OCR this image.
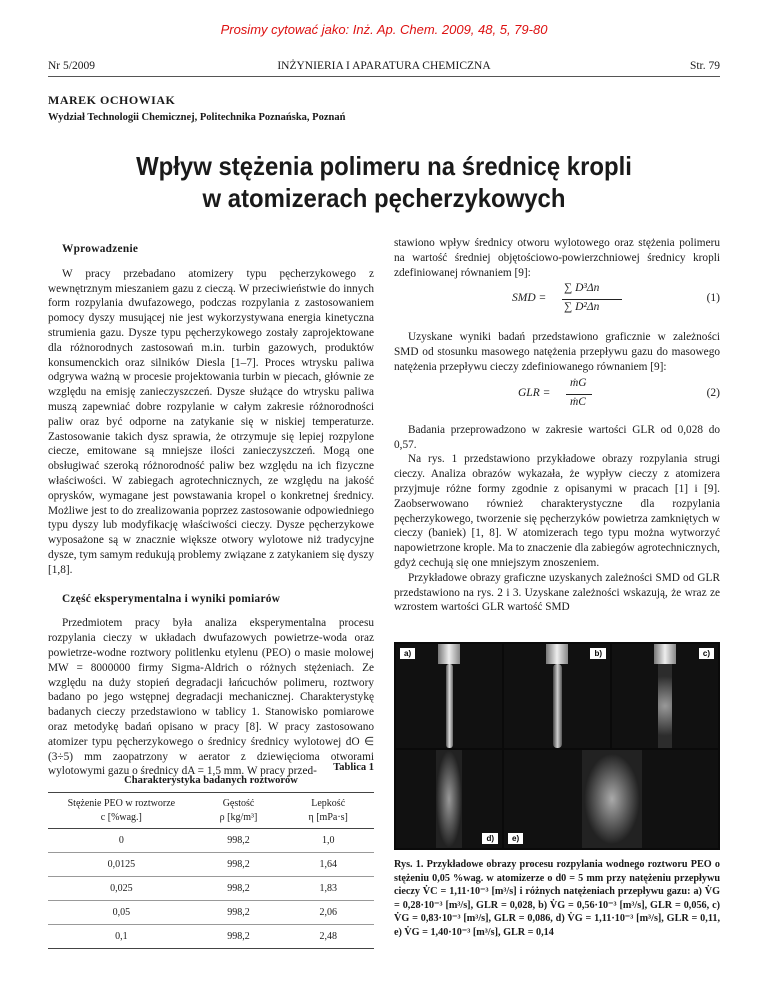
Prosimy cytować jako: Inż. Ap. Chem. 2009, 48, 5, 79-80
Nr 5/2009	INŻYNIERIA I APARATURA CHEMICZNA	Str. 79
MAREK OCHOWIAK
Wydział Technologii Chemicznej, Politechnika Poznańska, Poznań
Wpływ stężenia polimeru na średnicę kropli
w atomizerach pęcherzykowych

Wprowadzenie

W pracy przebadano atomizery typu pęcherzykowego z wewnętrznym mieszaniem gazu z cieczą. W przeciwieństwie do innych form rozpylania dwufazowego, podczas rozpylania z zastosowaniem pomocy dyszy musującej nie jest wykorzystywana energia kinetyczna strumienia gazu. Dysze typu pęcherzykowego zostały zaprojektowane dla różnorodnych zastosowań m.in. turbin gazowych, produktów konsumenckich oraz silników Diesla [1–7]. Proces wtrysku paliwa odgrywa ważną w procesie projektowania turbin w piecach, głównie ze względu na emisję zanieczyszczeń. Dysze służące do wtrysku paliwa muszą zapewniać dobre rozpylanie w całym zakresie różnorodności paliw oraz być odporne na zatykanie się w niskiej temperaturze. Zastosowanie takich dysz sprawia, że otrzymuje się lepiej rozpylone ciecze, emitowane są mniejsze ilości zanieczyszczeń. Mogą one obsługiwać szeroką różnorodność paliw bez względu na ich fizyczne właściwości. W zabiegach agrotechnicznych, ze względu na jakość oprysków, wymagane jest powstawania kropel o konkretnej średnicy. Możliwe jest to do zrealizowania poprzez zastosowanie odpowiedniego typu dyszy lub modyfikację właściwości cieczy. Dysze pęcherzykowe wyposażone są w znacznie większe otwory wylotowe niż tradycyjne dysze, tym samym redukują problemy związane z zatykaniem się dyszy [1,8].

Część eksperymentalna i wyniki pomiarów

Przedmiotem pracy była analiza eksperymentalna procesu rozpylania cieczy w układach dwufazowych powietrze-woda oraz powietrze-wodne roztwory politlenku etylenu (PEO) o masie molowej MW = 8000000 firmy Sigma-Aldrich o różnych stężeniach. Ze względu na duży stopień degradacji łańcuchów polimeru, roztwory badano po jego wstępnej degradacji mechanicznej. Charakterystykę badanych cieczy przedstawiono w tablicy 1. Stanowisko pomiarowe oraz metodykę badań opisano w pracy [8]. W pracy zastosowano atomizer typu pęcherzykowego o średnicy średnicy wylotowej dO ∈ (3÷5) mm zaopatrzony w aerator z dziewięcioma otworami wylotowymi gazu o średnicy dA = 1,5 mm. W pracy przed-	Tablica 1
Charakterystyka badanych roztworów
Stężenie PEO w roztworze	Gęstość	Lepkość
c [%wag.]	ρ [kg/m³]	η [mPa·s]
0	998,2	1,0
0,0125	998,2	1,64
0,025	998,2	1,83
0,05	998,2	2,06
0,1	998,2	2,48

stawiono wpływ średnicy otworu wylotowego oraz stężenia polimeru na wartość średniej objętościowo-powierzchniowej średnicy kropli zdefiniowanej równaniem [9]:

SMD =
∑ D³Δn
∑ D²Δn
(1)

Uzyskane wyniki badań przedstawiono graficznie w zależności SMD od stosunku masowego natężenia przepływu gazu do masowego natężenia przepływu cieczy zdefiniowanego równaniem [9]:

GLR =
ṁG
ṁC
(2)

Badania przeprowadzono w zakresie wartości GLR od 0,028 do 0,57.

Na rys. 1 przedstawiono przykładowe obrazy rozpylania strugi cieczy. Analiza obrazów wykazała, że wypływ cieczy z atomizera przyjmuje różne formy zgodnie z opisanymi w pracach [1] i [9]. Zaobserwowano również charakterystyczne dla rozpylania pęcherzykowego, tworzenie się pęcherzyków powietrza zamkniętych w cieczy (baniek) [1, 8]. W atomizerach tego typu można wytworzyć napowietrzone krople. Ma to znaczenie dla zabiegów agrotechnicznych, gdyż cechują się one mniejszym znoszeniem.

Przykładowe obrazy graficzne uzyskanych zależności SMD od GLR przedstawiono na rys. 2 i 3. Uzyskane zależności wskazują, że wraz ze wzrostem wartości GLR wartość SMD

a)	b)	c)
d)	e)
Rys. 1. Przykładowe obrazy procesu rozpylania wodnego roztworu PEO o stężeniu 0,05 %wag. w atomizerze o d0 = 5 mm przy natężeniu przepływu cieczy V̇C = 1,11·10⁻³ [m³/s] i różnych natężeniach przepływu gazu: a) V̇G = 0,28·10⁻³ [m³/s], GLR = 0,028, b) V̇G = 0,56·10⁻³ [m³/s], GLR = 0,056, c) V̇G = 0,83·10⁻³ [m³/s], GLR = 0,086, d) V̇G = 1,11·10⁻³ [m³/s], GLR = 0,11, e) V̇G = 1,40·10⁻³ [m³/s], GLR = 0,14
